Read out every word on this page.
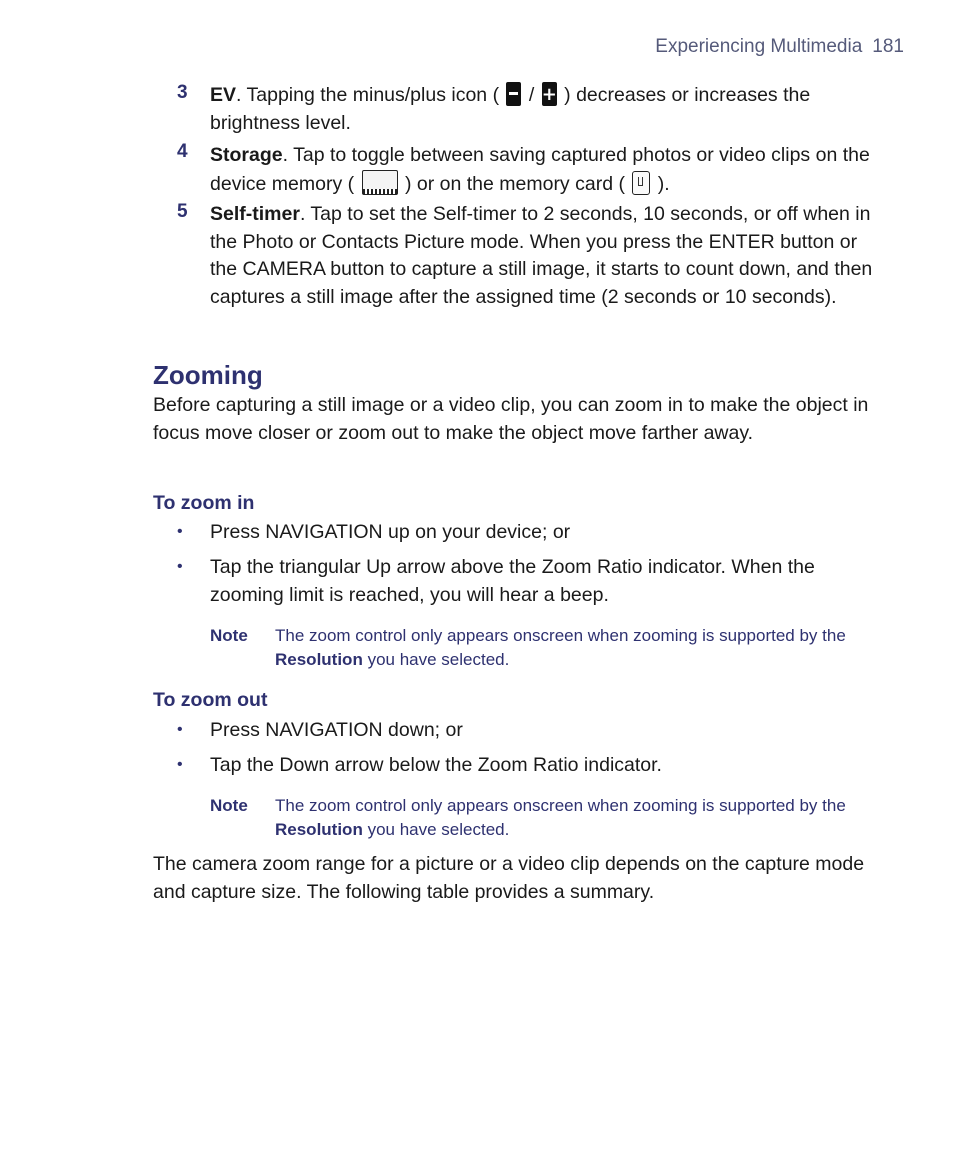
Experiencing Multimedia 181
3 EV. Tapping the minus/plus icon (  / + ) decreases or increases the brightness level.
4 Storage. Tap to toggle between saving captured photos or video clips on the device memory (  ) or on the memory card (  ).
5 Self-timer. Tap to set the Self-timer to 2 seconds, 10 seconds, or off when in the Photo or Contacts Picture mode. When you press the ENTER button or the CAMERA button to capture a still image, it starts to count down, and then captures a still image after the assigned time (2 seconds or 10 seconds).
Zooming
Before capturing a still image or a video clip, you can zoom in to make the object in focus move closer or zoom out to make the object move farther away.
To zoom in
• Press NAVIGATION up on your device; or
• Tap the triangular Up arrow above the Zoom Ratio indicator. When the zooming limit is reached, you will hear a beep.
Note The zoom control only appears onscreen when zooming is supported by the Resolution you have selected.
To zoom out
• Press NAVIGATION down; or
• Tap the Down arrow below the Zoom Ratio indicator.
Note The zoom control only appears onscreen when zooming is supported by the Resolution you have selected.
The camera zoom range for a picture or a video clip depends on the capture mode and capture size. The following table provides a summary.
